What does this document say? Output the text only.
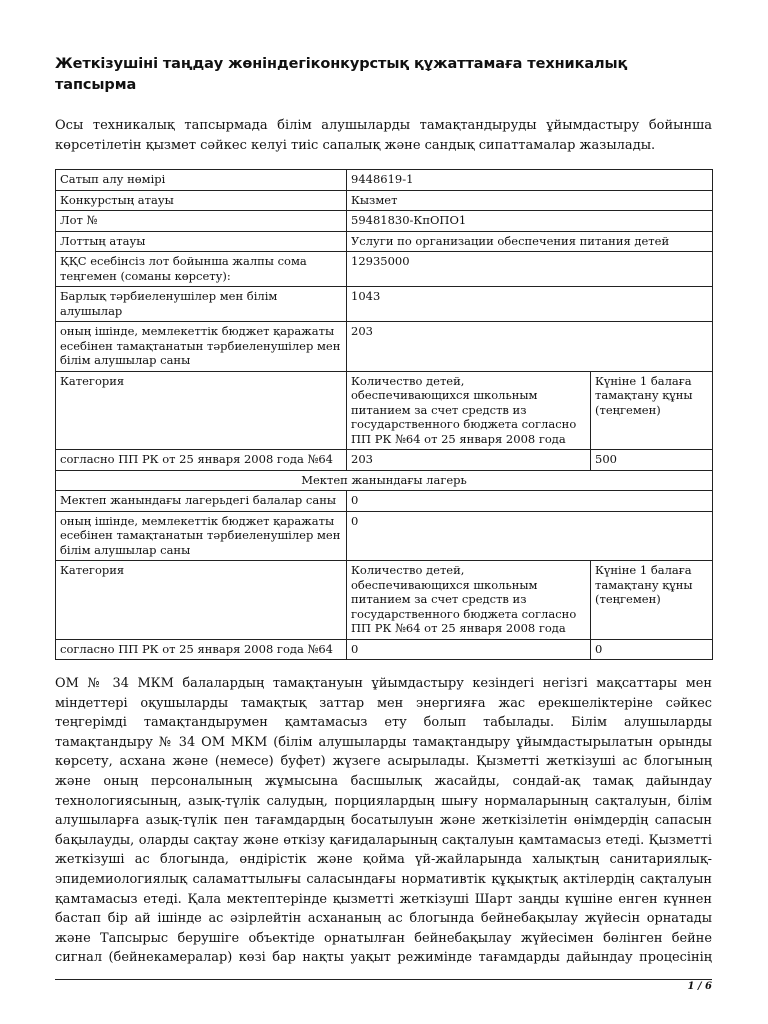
Жеткізушіні таңдау жөніндегіконкурстық құжаттамаға техникалық тапсырма

Осы техникалық тапсырмада білім алушыларды тамақтандыруды ұйымдастыру бойынша көрсетілетін қызмет сәйкес келуі тиіс сапалық және сандық сипаттамалар жазылады.

Сатып алу нөмірі	9448619-1	
Конкурстың атауы	Кызмет	
Лот №	59481830-КпОПО1	
Лоттың атауы	Услуги по организации обеспечения питания детей	
ҚҚС есебінсіз лот бойынша жалпы сома теңгемен (соманы көрсету):	12935000	
Барлық тәрбиеленушілер мен білім алушылар	1043	
оның ішінде, мемлекеттік бюджет қаражаты есебінен тамақтанатын тәрбиеленушілер мен білім алушылар саны	203	
Категория	Количество детей, обеспечивающихся школьным питанием за счет средств из государственного бюджета согласно ПП РК №64 от 25 января 2008 года	Күніне 1 балаға тамақтану құны (теңгемен)
согласно ПП РК от 25 января 2008 года №64	203	500
Мектеп жанындағы лагерь		
Мектеп жанындағы лагерьдегі балалар саны	0	
оның ішінде, мемлекеттік бюджет қаражаты есебінен тамақтанатын тәрбиеленушілер мен білім алушылар саны	0	
Категория	Количество детей, обеспечивающихся школьным питанием за счет средств из государственного бюджета согласно ПП РК №64 от 25 января 2008 года	Күніне 1 балаға тамақтану құны (теңгемен)
согласно ПП РК от 25 января 2008 года №64	0	0

ОМ № 34 МКМ балалардың тамақтануын ұйымдастыру кезіндегі негізгі мақсаттары мен міндеттері оқушыларды тамақтық заттар мен энергияға жас ерекшеліктеріне сәйкес теңгерімді тамақтандырумен қамтамасыз ету болып табылады. Білім алушыларды тамақтандыру № 34 ОМ МКМ (білім алушыларды тамақтандыру ұйымдастырылатын орынды көрсету, асхана және (немесе) буфет) жүзеге асырылады. Қызметті жеткізуші ас блогының және оның персоналының жұмысына басшылық жасайды, сондай-ақ тамақ дайындау технологиясының, азық-түлік салудың, порциялардың шығу нормаларының сақталуын, білім алушыларға азық-түлік пен тағамдардың босатылуын және жеткізілетін өнімдердің сапасын бақылауды, оларды сақтау және өткізу қағидаларының сақталуын қамтамасыз етеді. Қызметті жеткізуші ас блогында, өндірістік және қойма үй-жайларында халықтың санитариялық-эпидемиологиялық саламаттылығы саласындағы нормативтік құқықтық актілердің сақталуын қамтамасыз етеді. Қала мектептерінде қызметті жеткізуші Шарт заңды күшіне енген күннен бастап бір ай ішінде ас әзірлейтін асхананың ас блогында бейнебақылау жүйесін орнатады және Тапсырыс берушіге объектіде орнатылған бейнебақылау жүйесімен бөлінген бейне сигнал (бейнекамералар) көзі бар нақты уақыт режимінде тағамдарды дайындау процесінің

1 / 6
